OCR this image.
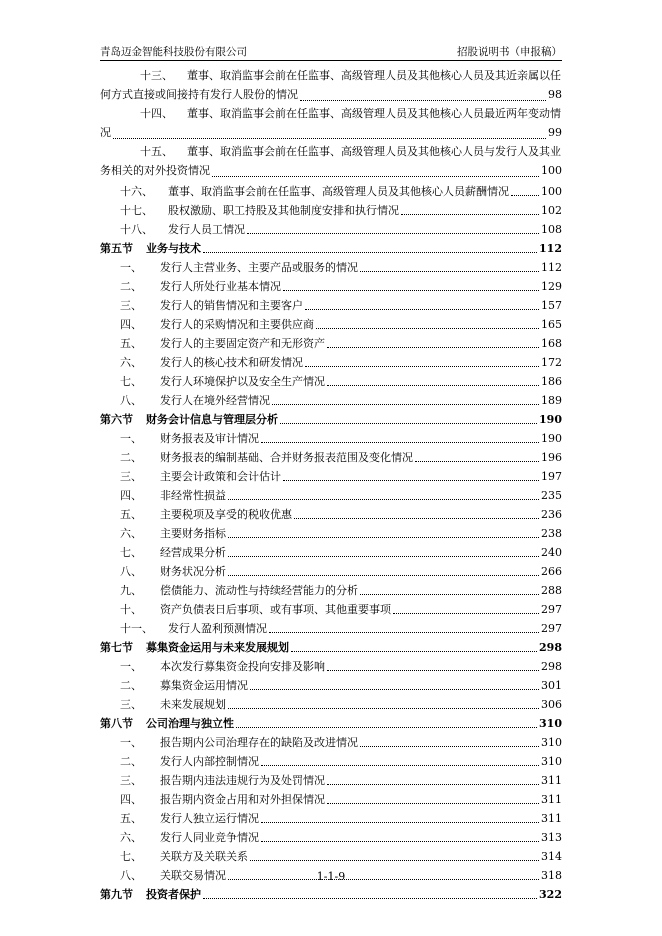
青岛迈金智能科技股份有限公司	招股说明书（申报稿）
十三、 董事、取消监事会前在任监事、高级管理人员及其他核心人员及其近亲属以任
何方式直接或间接持有发行人股份的情况	98
十四、 董事、取消监事会前在任监事、高级管理人员及其他核心人员最近两年变动情
况	99
十五、 董事、取消监事会前在任监事、高级管理人员及其他核心人员与发行人及其业
务相关的对外投资情况	100
十六、	董事、取消监事会前在任监事、高级管理人员及其他核心人员薪酬情况	100
十七、	股权激励、职工持股及其他制度安排和执行情况	102
十八、	发行人员工情况	108
第五节	业务与技术	112
一、	发行人主营业务、主要产品或服务的情况	112
二、	发行人所处行业基本情况	129
三、	发行人的销售情况和主要客户	157
四、	发行人的采购情况和主要供应商	165
五、	发行人的主要固定资产和无形资产	168
六、	发行人的核心技术和研发情况	172
七、	发行人环境保护以及安全生产情况	186
八、	发行人在境外经营情况	189
第六节	财务会计信息与管理层分析	190
一、	财务报表及审计情况	190
二、	财务报表的编制基础、合并财务报表范围及变化情况	196
三、	主要会计政策和会计估计	197
四、	非经常性损益	235
五、	主要税项及享受的税收优惠	236
六、	主要财务指标	238
七、	经营成果分析	240
八、	财务状况分析	266
九、	偿债能力、流动性与持续经营能力的分析	288
十、	资产负债表日后事项、或有事项、其他重要事项	297
十一、	发行人盈利预测情况	297
第七节	募集资金运用与未来发展规划	298
一、	本次发行募集资金投向安排及影响	298
二、	募集资金运用情况	301
三、	未来发展规划	306
第八节	公司治理与独立性	310
一、	报告期内公司治理存在的缺陷及改进情况	310
二、	发行人内部控制情况	310
三、	报告期内违法违规行为及处罚情况	311
四、	报告期内资金占用和对外担保情况	311
五、	发行人独立运行情况	311
六、	发行人同业竞争情况	313
七、	关联方及关联关系	314
八、	关联交易情况	318
第九节	投资者保护	322
1-1-9
